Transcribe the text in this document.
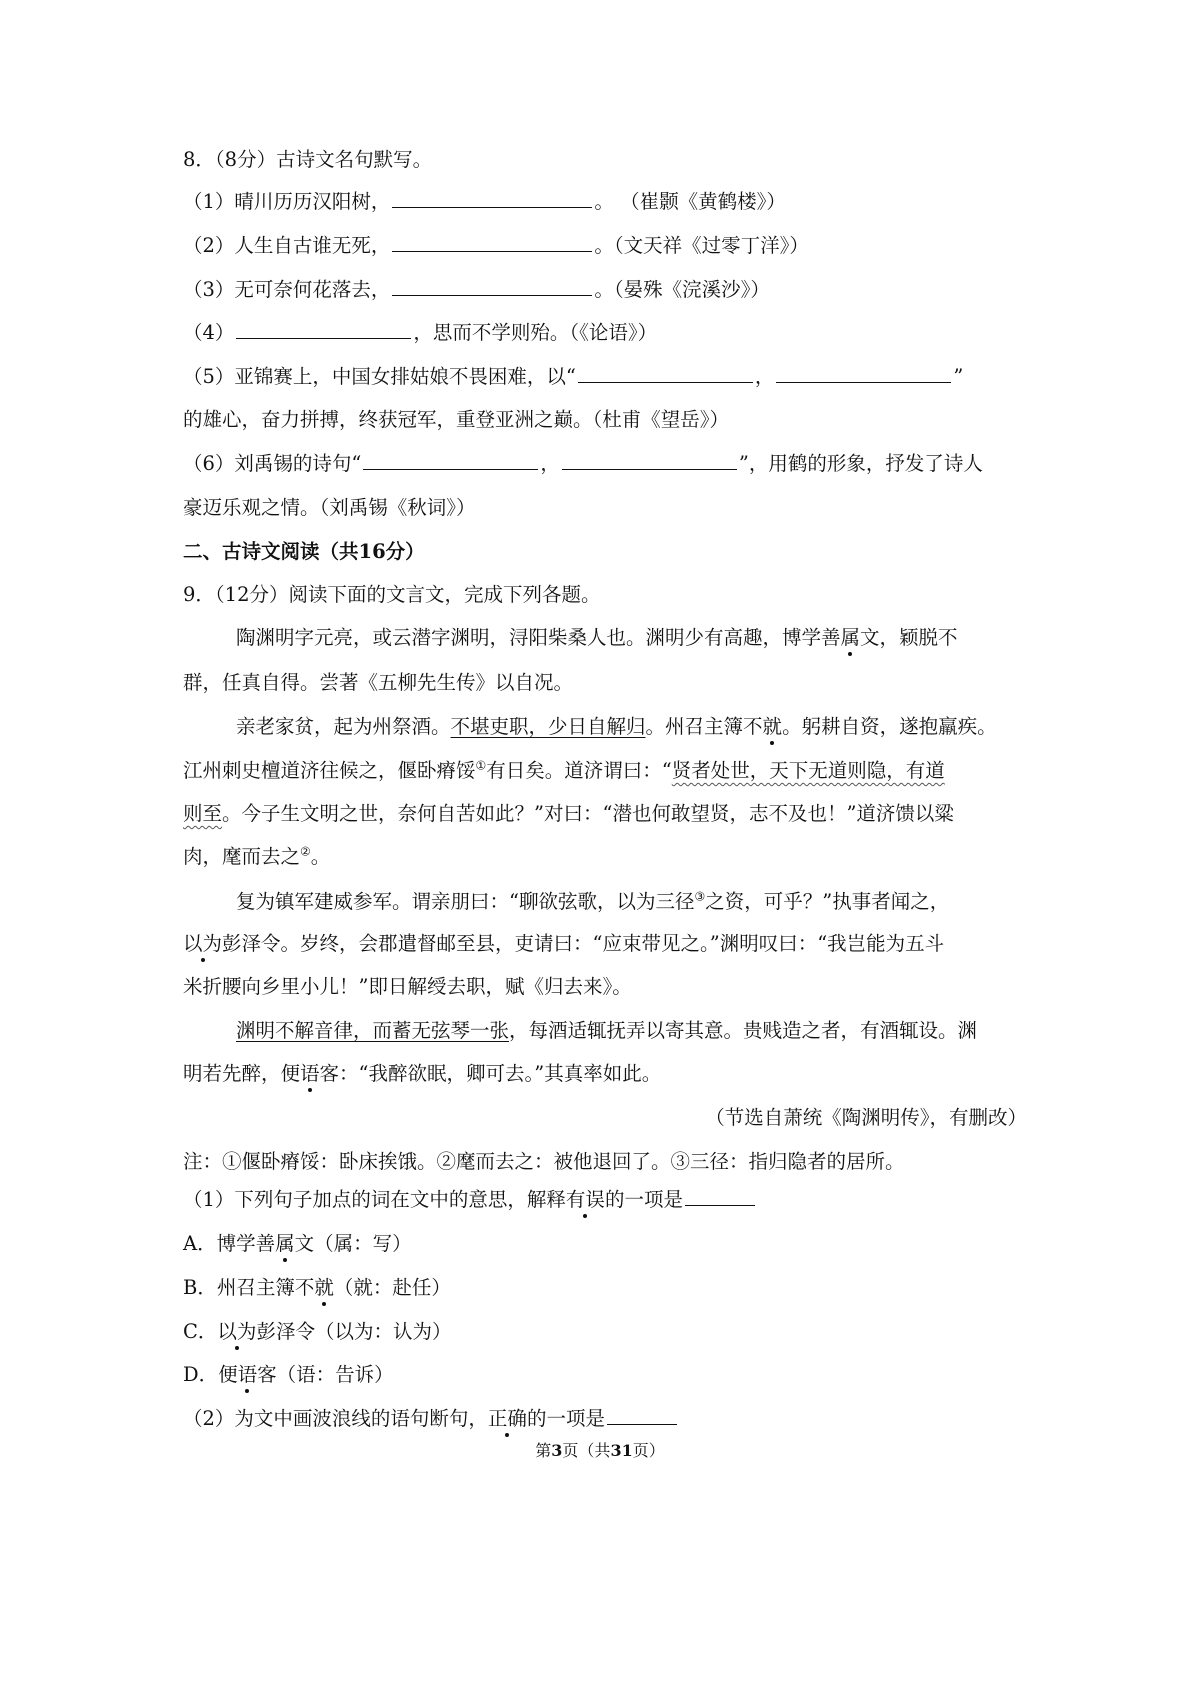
8．（8分）古诗文名句默写。
（1）晴川历历汉阳树，	。 （崔颢《黄鹤楼》）
（2）人生自古谁无死，	。（文天祥《过零丁洋》）
（3）无可奈何花落去，	。（晏殊《浣溪沙》）
（4）	，思而不学则殆。（《论语》）
（5）亚锦赛上，中国女排姑娘不畏困难，以“	，	”
的雄心，奋力拼搏，终获冠军，重登亚洲之巅。（杜甫《望岳》）
（6）刘禹锡的诗句“	，	”，用鹤的形象，抒发了诗人
豪迈乐观之情。（刘禹锡《秋词》）
二、古诗文阅读（共16分）
9．（12分）阅读下面的文言文，完成下列各题。
陶渊明字元亮，或云潜字渊明，浔阳柴桑人也。渊明少有高趣，博学善属文，颖脱不
群，任真自得。尝著《五柳先生传》以自况。
亲老家贫，起为州祭酒。不堪吏职，少日自解归。州召主簿不就。躬耕自资，遂抱羸疾。
江州刺史檀道济往候之，偃卧瘠馁①有日矣。道济谓曰：“贤者处世，天下无道则隐，有道
则至。今子生文明之世，奈何自苦如此？”对曰：“潜也何敢望贤，志不及也！”道济馈以粱
肉，麾而去之②。
复为镇军建威参军。谓亲朋曰：“聊欲弦歌，以为三径③之资，可乎？”执事者闻之，
以为彭泽令。岁终，会郡遣督邮至县，吏请曰：“应束带见之。”渊明叹曰：“我岂能为五斗
米折腰向乡里小儿！”即日解绶去职，赋《归去来》。
渊明不解音律，而蓄无弦琴一张，每酒适辄抚弄以寄其意。贵贱造之者，有酒辄设。渊
明若先醉，便语客：“我醉欲眠，卿可去。”其真率如此。
（节选自萧统《陶渊明传》，有删改）
注：①偃卧瘠馁：卧床挨饿。②麾而去之：被他退回了。③三径：指归隐者的居所。
（1）下列句子加点的词在文中的意思，解释有误的一项是
A．博学善属文（属：写）
B．州召主簿不就（就：赴任）
C．以为彭泽令（以为：认为）
D．便语客（语：告诉）
（2）为文中画波浪线的语句断句，正确的一项是
第3页（共31页）
